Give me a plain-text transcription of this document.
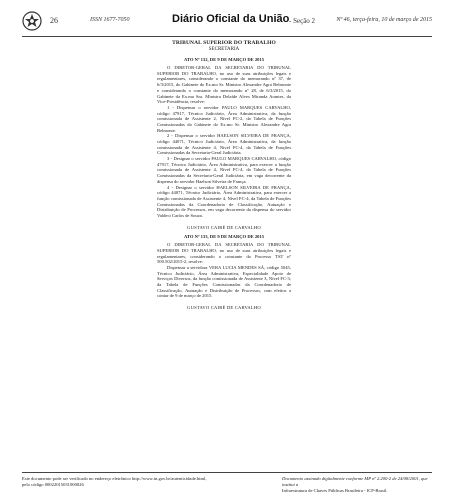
26	ISSN 1677-7050	Diário Oficial da União - Seção 2	Nº 46, terça-feira, 10 de março de 2015
TRIBUNAL SUPERIOR DO TRABALHO
SECRETARIA
ATO Nº 132, DE 9 DE MARÇO DE 2015

O DIRETOR-GERAL DA SECRETARIA DO TRIBUNAL SUPERIOR DO TRABALHO, no uso de suas atribuições legais e regulamentares, considerando o constante do memorando nº 37, de 6/3/2015, do Gabinete do Ex.mo Sr. Ministro Alexandre Agra Belmonte e considerando o constante do memorando nº 28, de 6/3/2015, do Gabinete da Ex.ma Sra. Ministra Delaíde Alves Miranda Arantes, da Vice-Presidência, resolve:

1 - Dispensar o servidor PAULO MARQUES CARVALHO, código 47917, Técnico Judiciário, Área Administrativa, da função comissionada de Assistente 2, Nível FC-2, da Tabela de Funções Comissionadas do Gabinete do Ex.mo Sr. Ministro Alexandre Agra Belmonte.

2 - Dispensar o servidor HAELSON SILVEIRA DE FRANÇA, código 44071, Técnico Judiciário, Área Administrativa, da função comissionada de Assistente 4, Nível FC-4, da Tabela de Funções Comissionadas da Secretaria-Geral Judiciária.

3 - Designar o servidor PAULO MARQUES CARVALHO, código 47917, Técnico Judiciário, Área Administrativa, para exercer a função comissionada de Assistente 4, Nível FC-4, da Tabela de Funções Comissionadas da Secretaria-Geral Judiciária, em vaga decorrente da dispensa do servidor Haelson Silveira de França.

4 - Designar o servidor HAELSON SILVEIRA DE FRANÇA, código 44071, Técnico Judiciário, Área Administrativa, para exercer a função comissionada de Assistente 4, Nível FC-4, da Tabela de Funções Comissionadas da Coordenadoria de Classificação, Autuação e Distribuição de Processos, em vaga decorrente da dispensa do servidor Valdeci Carlos de Souza.

GUSTAVO CAIRÉ DE CARVALHO
ATO Nº 133, DE 9 DE MARÇO DE 2015

O DIRETOR-GERAL DA SECRETARIA DO TRIBUNAL SUPERIOR DO TRABALHO, no uso de suas atribuições legais e regulamentares, considerando o constante do Processo TST nº 500.502/2015-2, resolve:

Dispensar a servidora VERA LUCIA MENDES SÁ, código 5045, Técnico Judiciário, Área Administrativa, Especialidade Apoio de Serviços Diversos, da função comissionada de Assistente 3, Nível FC-3, da Tabela de Funções Comissionadas da Coordenadoria de Classificação, Autuação e Distribuição de Processos, com efeitos a contar de 9 de março de 2015.

GUSTAVO CAIRÉ DE CARVALHO
Este documento pode ser verificado no endereço eletrônico http://www.in.gov.br/autenticidade.html,
pelo código 00022015031000026
Documento assinado digitalmente conforme MP nº 2.200-2 de 24/08/2001, que institui a
Infraestrutura de Chaves Públicas Brasileira - ICP-Brasil.
